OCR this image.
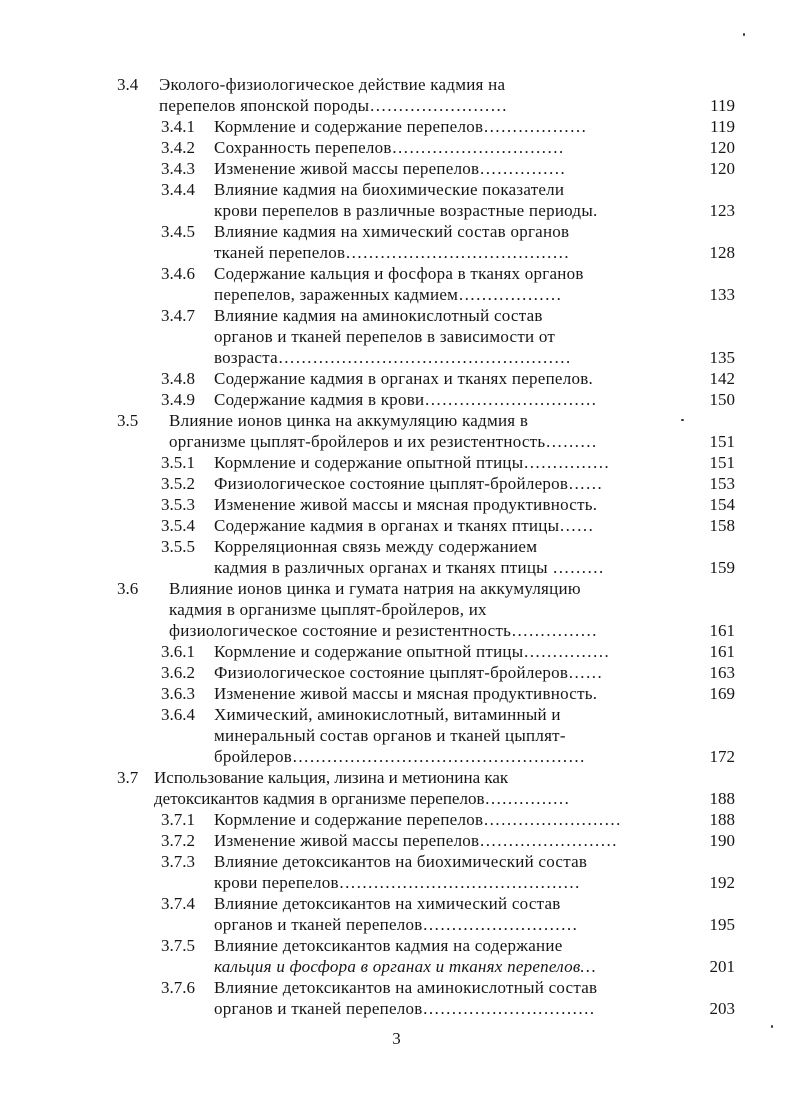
3.4 Эколого-физиологическое действие кадмия на
перепелов японской породы……………………	119
3.4.1 Кормление и содержание перепелов………………	119
3.4.2 Сохранность перепелов…………………………	120
3.4.3 Изменение живой массы перепелов……………	120
3.4.4 Влияние кадмия на биохимические показатели
крови перепелов в различные возрастные периоды.	123
3.4.5 Влияние кадмия на химический состав органов
тканей перепелов…………………………………	128
3.4.6 Содержание кальция и фосфора в тканях органов
перепелов, зараженных кадмием………………	133
3.4.7 Влияние кадмия на аминокислотный состав
органов и тканей перепелов в зависимости от
возраста……………………………………………	135
3.4.8 Содержание кадмия в органах и тканях перепелов.	142
3.4.9 Содержание кадмия в крови…………………………	150
3.5 Влияние ионов цинка на аккумуляцию кадмия в
организме цыплят-бройлеров и их резистентность………	151
3.5.1 Кормление и содержание опытной птицы……………	151
3.5.2 Физиологическое состояние цыплят-бройлеров……	153
3.5.3 Изменение живой массы и мясная продуктивность.	154
3.5.4 Содержание кадмия в органах и тканях птицы……	158
3.5.5 Корреляционная связь между содержанием
кадмия в различных органах и тканях птицы ………	159
3.6 Влияние ионов цинка и гумата натрия на аккумуляцию
кадмия в организме цыплят-бройлеров, их
физиологическое состояние и резистентность……………	161
3.6.1 Кормление и содержание опытной птицы……………	161
3.6.2 Физиологическое состояние цыплят-бройлеров……	163
3.6.3 Изменение живой массы и мясная продуктивность.	169
3.6.4 Химический, аминокислотный, витаминный и
минеральный состав органов и тканей цыплят-
бройлеров……………………………………………	172
3.7 Использование кальция, лизина и метионина как
детоксикантов кадмия в организме перепелов……………	188
3.7.1 Кормление и содержание перепелов……………………	188
3.7.2 Изменение живой массы перепелов……………………	190
3.7.3 Влияние детоксикантов на биохимический состав
крови перепелов……………………………………	192
3.7.4 Влияние детоксикантов на химический состав
органов и тканей перепелов………………………	195
3.7.5 Влияние детоксикантов кадмия на содержание
кальция и фосфора в органах и тканях перепелов…	201
3.7.6 Влияние детоксикантов на аминокислотный состав
органов и тканей перепелов…………………………	203
3
